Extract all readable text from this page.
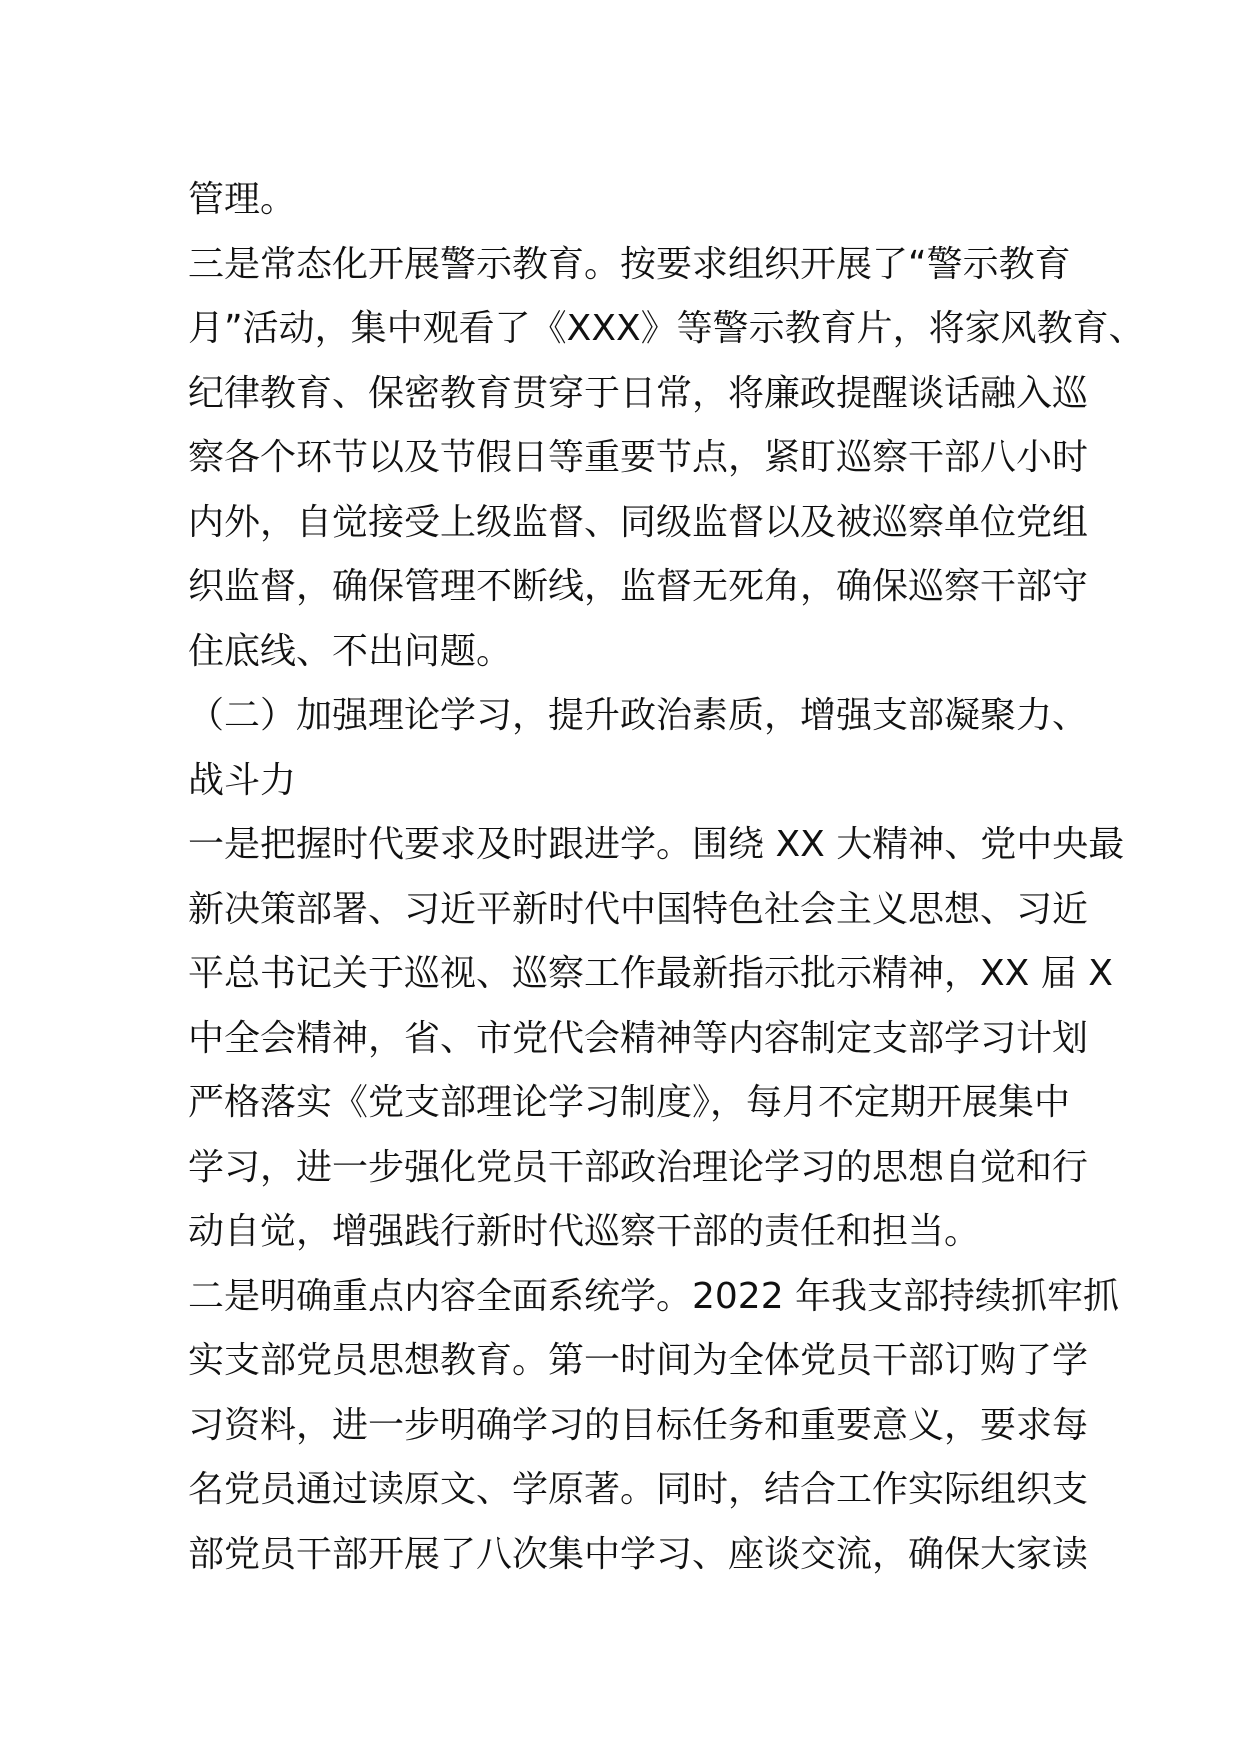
管理。
三是常态化开展警示教育。按要求组织开展了“警示教育
月”活动，集中观看了《XXX》等警示教育片，将家风教育、
纪律教育、保密教育贯穿于日常，将廉政提醒谈话融入巡
察各个环节以及节假日等重要节点，紧盯巡察干部八小时
内外，自觉接受上级监督、同级监督以及被巡察单位党组
织监督，确保管理不断线，监督无死角，确保巡察干部守
住底线、不出问题。
（二）加强理论学习，提升政治素质，增强支部凝聚力、
战斗力
一是把握时代要求及时跟进学。围绕 XX 大精神、党中央最
新决策部署、习近平新时代中国特色社会主义思想、习近
平总书记关于巡视、巡察工作最新指示批示精神，XX 届 X
中全会精神，省、市党代会精神等内容制定支部学习计划
严格落实《党支部理论学习制度》，每月不定期开展集中
学习，进一步强化党员干部政治理论学习的思想自觉和行
动自觉，增强践行新时代巡察干部的责任和担当。
二是明确重点内容全面系统学。2022 年我支部持续抓牢抓
实支部党员思想教育。第一时间为全体党员干部订购了学
习资料，进一步明确学习的目标任务和重要意义，要求每
名党员通过读原文、学原著。同时，结合工作实际组织支
部党员干部开展了八次集中学习、座谈交流，确保大家读
